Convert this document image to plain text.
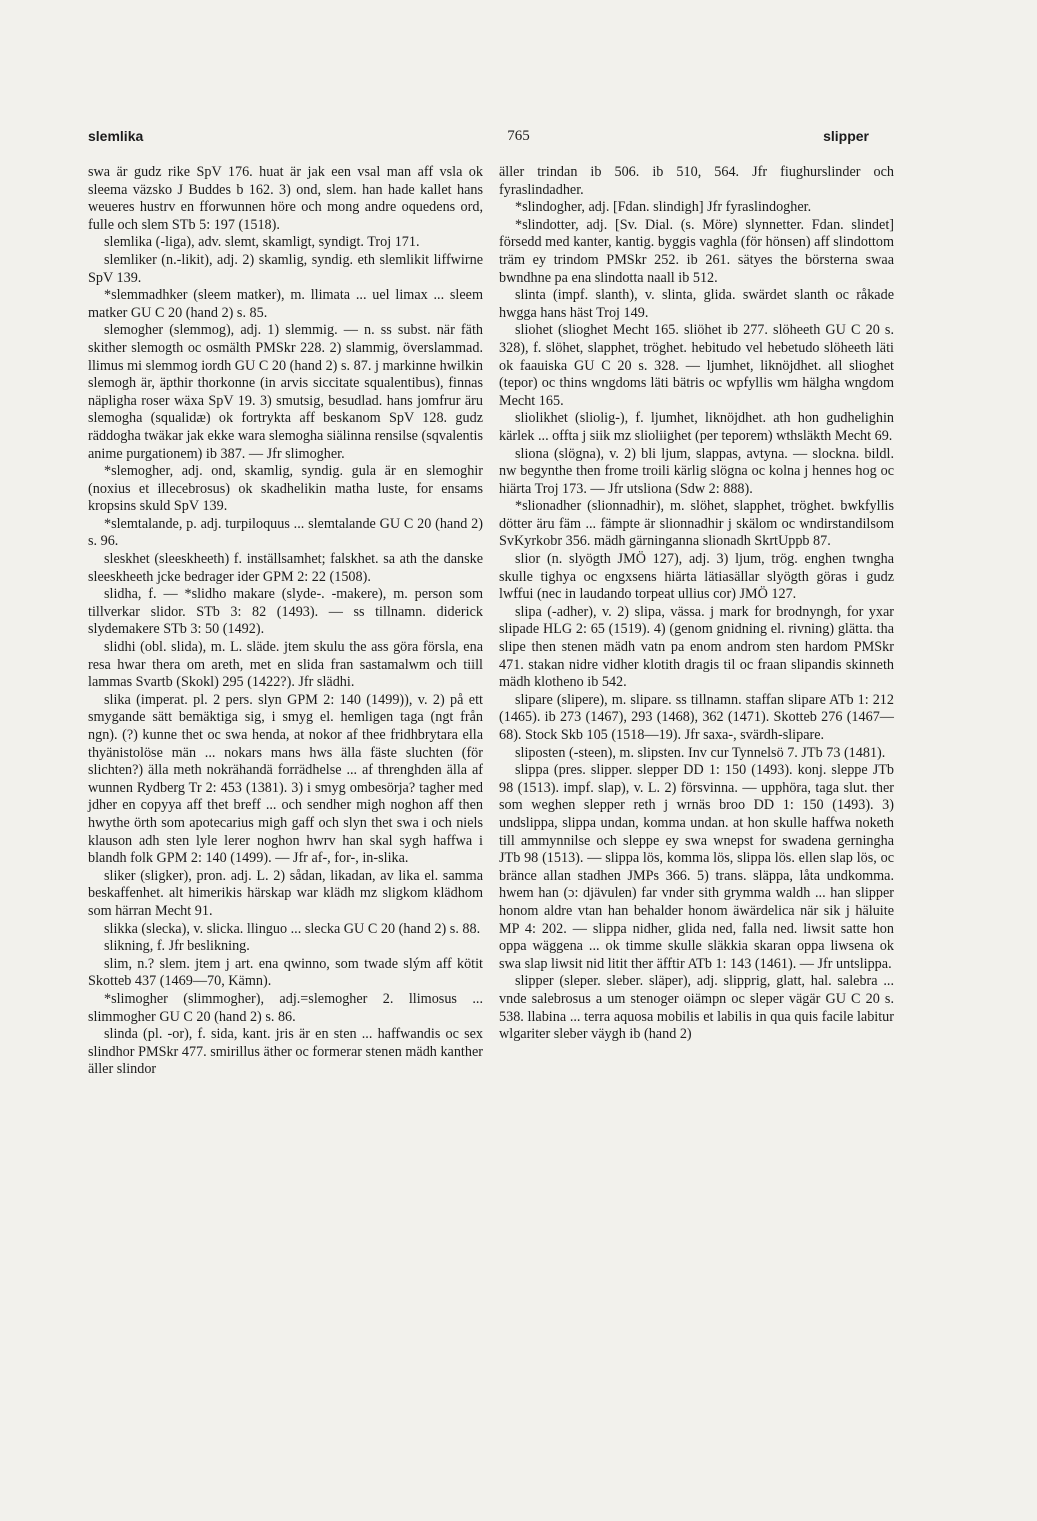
765
slemlika	slipper

swa är gudz rike SpV 176. huat är jak een vsal man aff vsla ok sleema väzsko J Buddes b 162. 3) ond, slem. han hade kallet hans weueres hustrv en fforwunnen höre och mong andre oquedens ord, fulle och slem STb 5: 197 (1518).

slemlika (-liga), adv. slemt, skamligt, syndigt. Troj 171.

slemliker (n.-likit), adj. 2) skamlig, syndig. eth slemlikit liffwirne SpV 139.

*slemmadhker (sleem matker), m. llimata ... uel limax ... sleem matker GU C 20 (hand 2) s. 85.

slemogher (slemmog), adj. 1) slemmig. — n. ss subst. när fäth skither slemogth oc osmälth PMSkr 228. 2) slammig, överslammad. llimus mi slemmog iordh GU C 20 (hand 2) s. 87. j markinne hwilkin slemogh är, äpthir thorkonne (in arvis siccitate squalentibus), finnas näpligha roser wäxa SpV 19. 3) smutsig, besudlad. hans jomfrur äru slemogha (squalidæ) ok fortrykta aff beskanom SpV 128. gudz räddogha twäkar jak ekke wara slemogha siälinna rensilse (sqvalentis anime purgationem) ib 387. — Jfr slimogher.

*slemogher, adj. ond, skamlig, syndig. gula är en slemoghir (noxius et illecebrosus) ok skadhelikin matha luste, for ensams kropsins skuld SpV 139.

*slemtalande, p. adj. turpiloquus ... slemtalande GU C 20 (hand 2) s. 96.

sleskhet (sleeskheeth) f. inställsamhet; falskhet. sa ath the danske sleeskheeth jcke bedrager ider GPM 2: 22 (1508).

slidha, f. — *slidho makare (slyde-. -makere), m. person som tillverkar slidor. STb 3: 82 (1493). — ss tillnamn. diderick slydemakere STb 3: 50 (1492).

slidhi (obl. slida), m. L. släde. jtem skulu the ass göra försla, ena resa hwar thera om areth, met en slida fran sastamalwm och tiill lammas Svartb (Skokl) 295 (1422?). Jfr slädhi.

slika (imperat. pl. 2 pers. slyn GPM 2: 140 (1499)), v. 2) på ett smygande sätt bemäktiga sig, i smyg el. hemligen taga (ngt från ngn). (?) kunne thet oc swa henda, at nokor af thee fridhbrytara ella thyänistolöse män ... nokars mans hws älla fäste sluchten (för slichten?) älla meth nokrähandä forrädhelse ... af threnghden älla af wunnen Rydberg Tr 2: 453 (1381). 3) i smyg ombesörja? tagher med jdher en copyya aff thet breff ... och sendher migh noghon aff then hwythe örth som apotecarius migh gaff och slyn thet swa i och niels klauson adh sten lyle lerer noghon hwrv han skal sygh haffwa i blandh folk GPM 2: 140 (1499). — Jfr af-, for-, in-slika.

sliker (sligker), pron. adj. L. 2) sådan, likadan, av lika el. samma beskaffenhet. alt himerikis härskap war klädh mz sligkom klädhom som härran Mecht 91.

slikka (slecka), v. slicka. llinguo ... slecka GU C 20 (hand 2) s. 88.

slikning, f. Jfr beslikning.

slim, n.? slem. jtem j art. ena qwinno, som twade slým aff kötit Skotteb 437 (1469—70, Kämn).

*slimogher (slimmogher), adj.=slemogher 2. llimosus ... slimmogher GU C 20 (hand 2) s. 86.

slinda (pl. -or), f. sida, kant. jris är en sten ... haffwandis oc sex slindhor PMSkr 477. smirillus äther oc formerar stenen mädh kanther äller slindor

äller trindan ib 506. ib 510, 564. Jfr fiughurslinder och fyraslindadher.

*slindogher, adj. [Fdan. slindigh] Jfr fyraslindogher.

*slindotter, adj. [Sv. Dial. (s. Möre) slynnetter. Fdan. slindet] försedd med kanter, kantig. byggis vaghla (för hönsen) aff slindottom träm ey trindom PMSkr 252. ib 261. sätyes the börsterna swaa bwndhne pa ena slindotta naall ib 512.

slinta (impf. slanth), v. slinta, glida. swärdet slanth oc råkade hwgga hans häst Troj 149.

sliohet (slioghet Mecht 165. sliöhet ib 277. slöheeth GU C 20 s. 328), f. slöhet, slapphet, tröghet. hebitudo vel hebetudo slöheeth läti ok faauiska GU C 20 s. 328. — ljumhet, liknöjdhet. all slioghet (tepor) oc thins wngdoms läti bätris oc wpfyllis wm hälgha wngdom Mecht 165.

sliolikhet (sliolig-), f. ljumhet, liknöjdhet. ath hon gudhelighin kärlek ... offta j siik mz slioliighet (per teporem) wthsläkth Mecht 69.

sliona (slögna), v. 2) bli ljum, slappas, avtyna. — slockna. bildl. nw begynthe then frome troili kärlig slögna oc kolna j hennes hog oc hiärta Troj 173. — Jfr utsliona (Sdw 2: 888).

*slionadher (slionnadhir), m. slöhet, slapphet, tröghet. bwkfyllis dötter äru fäm ... fämpte är slionnadhir j skälom oc wndirstandilsom SvKyrkobr 356. mädh gärninganna slionadh SkrtUppb 87.

slior (n. slyögth JMÖ 127), adj. 3) ljum, trög. enghen twngha skulle tighya oc engxsens hiärta lätiasällar slyögth göras i gudz lwffui (nec in laudando torpeat ullius cor) JMÖ 127.

slipa (-adher), v. 2) slipa, vässa. j mark for brodnyngh, for yxar slipade HLG 2: 65 (1519). 4) (genom gnidning el. rivning) glätta. tha slipe then stenen mädh vatn pa enom androm sten hardom PMSkr 471. stakan nidre vidher klotith dragis til oc fraan slipandis skinneth mädh klotheno ib 542.

slipare (slipere), m. slipare. ss tillnamn. staffan slipare ATb 1: 212 (1465). ib 273 (1467), 293 (1468), 362 (1471). Skotteb 276 (1467—68). Stock Skb 105 (1518—19). Jfr saxa-, svärdh-slipare.

sliposten (-steen), m. slipsten. Inv cur Tynnelsö 7. JTb 73 (1481).

slippa (pres. slipper. slepper DD 1: 150 (1493). konj. sleppe JTb 98 (1513). impf. slap), v. L. 2) försvinna. — upphöra, taga slut. ther som weghen slepper reth j wrnäs broo DD 1: 150 (1493). 3) undslippa, slippa undan, komma undan. at hon skulle haffwa noketh till ammynnilse och sleppe ey swa wnepst for swadena gerningha JTb 98 (1513). — slippa lös, komma lös, slippa lös. ellen slap lös, oc bränce allan stadhen JMPs 366. 5) trans. släppa, låta undkomma. hwem han (ɔ: djävulen) far vnder sith grymma waldh ... han slipper honom aldre vtan han behalder honom äwärdelica när sik j häluite MP 4: 202. — slippa nidher, glida ned, falla ned. liwsit satte hon oppa wäggena ... ok timme skulle släkkia skaran oppa liwsena ok swa slap liwsit nid litit ther äfftir ATb 1: 143 (1461). — Jfr untslippa.

slipper (sleper. sleber. släper), adj. slipprig, glatt, hal. salebra ... vnde salebrosus a um stenoger oiämpn oc sleper vägär GU C 20 s. 538. llabina ... terra aquosa mobilis et labilis in qua quis facile labitur wlgariter sleber väygh ib (hand 2)
